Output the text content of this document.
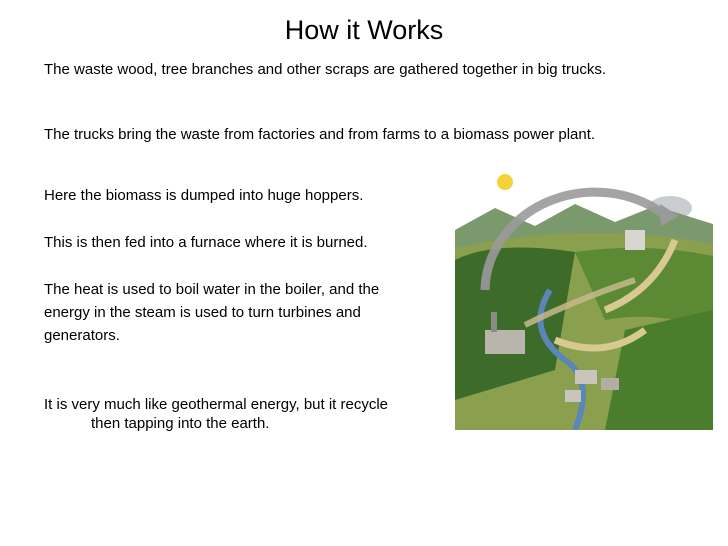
How it Works

The waste wood, tree branches and other scraps are gathered together in big trucks.

The trucks bring the waste from factories and from farms to a biomass power plant.

Here the biomass is dumped into huge hoppers.

This is then fed into a furnace where it is burned.

The heat is used to boil water in the boiler, and the

energy in the steam is used to turn turbines and

generators.

It is very much like geothermal energy, but it recycle

then tapping into the earth.
